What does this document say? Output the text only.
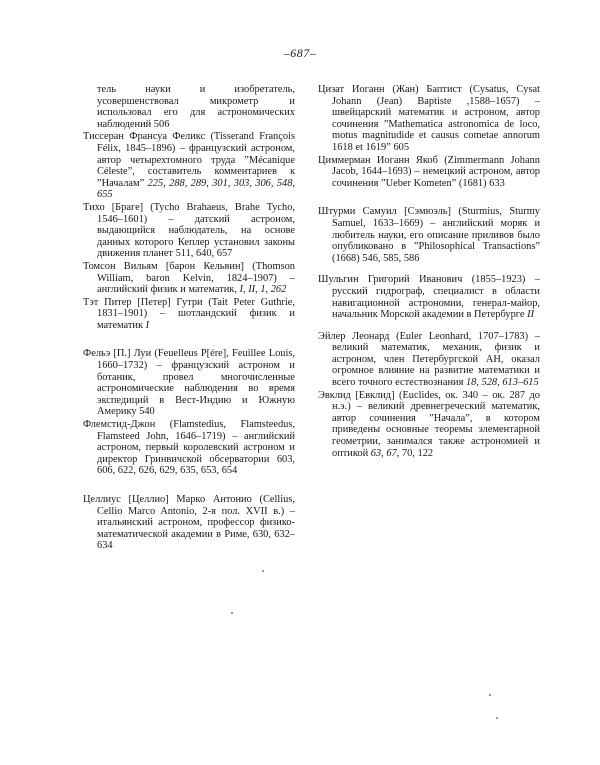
–687–

тель науки и изобретатель, усовершенствовал микрометр и использовал его для астрономических наблюдений 506

Тиссеран Франсуа Феликс (Tisserand François Félix, 1845–1896) – французский астроном, автор четырехтомного труда ”Mécanique Céleste”, составитель комментариев к ”Началам” 225, 288, 289, 301, 303, 306, 548, 655

Тихо [Браге] (Tycho Brahaeus, Brahe Tycho, 1546–1601) – датский астроном, выдающийся наблюдатель, на основе данных которого Кеплер установил законы движения планет 511, 640, 657

Томсон Вильям [барон Кельвин] (Thomson William, baron Kelvin, 1824–1907) – английский физик и математик, I, II, 1, 262

Тэт Питер [Петер] Гутри (Tait Peter Guthrie, 1831–1901) – шотландский физик и математик I

Фельэ [П.] Луи (Feuelleus P[ére], Feuillee Louis, 1660–1732) – французский астроном и ботаник, провел многочисленные астрономические наблюдения во время экспедиций в Вест-Индию и Южную Америку 540

Флемстид-Джон (Flamstedius, Flamsteedus, Flamsteed John, 1646–1719) – английский астроном, первый королевский астроном и директор Гринвичской обсерватории 603, 606, 622, 626, 629, 635, 653, 654

Целлиус [Целлио] Марко Антонио (Cellius, Cellio Marco Antonio, 2-я пол. XVII в.) – итальянский астроном, профессор физико-математической академии в Риме, 630, 632–634

Цизат Иоганн (Жан) Баптист (Cysatus, Cysat Johann (Jean) Baptiste ,1588–1657) – швейцарский математик и астроном, автор сочинения ”Mathematica astronomica de loco, motus magnitudide et causus cometae annorum 1618 et 1619” 605

Циммерман Иоганн Якоб (Zimmermann Johann Jacob, 1644–1693) – немецкий астроном, автор сочинения ”Ueber Kometen” (1681) 633

Штурми Самуил [Сэмюэль] (Sturmius, Sturmy Samuel, 1633–1669) – английский моряк и любитель науки, его описание приливов было опубликовано в ”Philosophical Transactions” (1668) 546, 585, 586

Шульгин Григорий Иванович (1855–1923) – русский гидрограф, специалист в области навигационной астрономии, генерал-майор, начальник Морской академии в Петербурге II

Эйлер Леонард (Euler Leonhard, 1707–1783) – великий математик, механик, физик и астроном, член Петербургской АН, оказал огромное влияние на развитие математики и всего точного естествознания 18, 528, 613–615

Эвклид [Евклид] (Euclides, ок. 340 – ок. 287 до н.э.) – великий древнегреческий математик, автор сочинения ”Начала”, в котором приведены основные теоремы элементарной геометрии, занимался также астрономией и оптикой 63, 67, 70, 122
